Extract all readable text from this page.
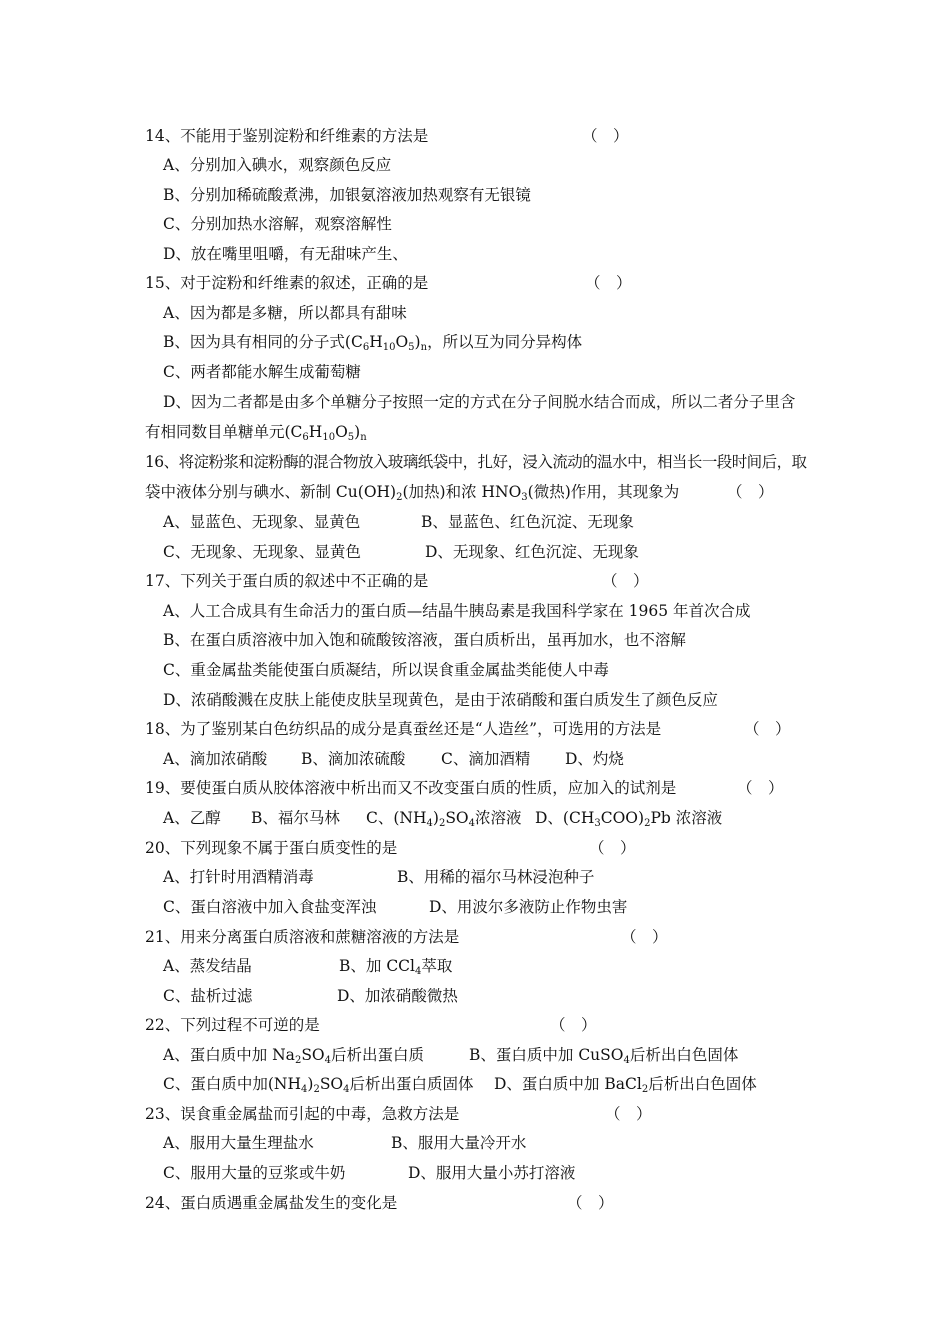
14、不能用于鉴别淀粉和纤维素的方法是	（　）
A、分别加入碘水，观察颜色反应
B、分别加稀硫酸煮沸，加银氨溶液加热观察有无银镜
C、分别加热水溶解，观察溶解性
D、放在嘴里咀嚼，有无甜味产生、
15、对于淀粉和纤维素的叙述，正确的是	（　）
A、因为都是多糖，所以都具有甜味
B、因为具有相同的分子式$(C_6H_{10}O_5)_n$，所以互为同分异构体
C、两者都能水解生成葡萄糖
D、因为二者都是由多个单糖分子按照一定的方式在分子间脱水结合而成，所以二者分子里含
有相同数目单糖单元$(C_6H_{10}O_5)_n$
16、将淀粉浆和淀粉酶的混合物放入玻璃纸袋中，扎好，浸入流动的温水中，相当长一段时间后，取
袋中液体分别与碘水、新制 $Cu(OH)_2$(加热)和浓 $HNO_3$(微热)作用，其现象为	（　）
A、显蓝色、无现象、显黄色	B、显蓝色、红色沉淀、无现象
C、无现象、无现象、显黄色	D、无现象、红色沉淀、无现象
17、下列关于蛋白质的叙述中不正确的是	（　）
A、人工合成具有生命活力的蛋白质—结晶牛胰岛素是我国科学家在 1965 年首次合成
B、在蛋白质溶液中加入饱和硫酸铵溶液，蛋白质析出，虽再加水，也不溶解
C、重金属盐类能使蛋白质凝结，所以误食重金属盐类能使人中毒
D、浓硝酸溅在皮肤上能使皮肤呈现黄色，是由于浓硝酸和蛋白质发生了颜色反应
18、为了鉴别某白色纺织品的成分是真蚕丝还是“人造丝”，可选用的方法是	（　）
A、滴加浓硝酸 B、滴加浓硫酸 C、滴加酒精 D、灼烧
19、要使蛋白质从胶体溶液中析出而又不改变蛋白质的性质，应加入的试剂是	（　）
A、乙醇 B、福尔马林 C、$(NH_4)_2SO_4$浓溶液 D、$(CH_3COO)_2Pb$ 浓溶液
20、下列现象不属于蛋白质变性的是	（　）
A、打针时用酒精消毒	B、用稀的福尔马林浸泡种子
C、蛋白溶液中加入食盐变浑浊	D、用波尔多液防止作物虫害
21、用来分离蛋白质溶液和蔗糖溶液的方法是	（　）
A、蒸发结晶	B、加 CCl$_4$萃取
C、盐析过滤	D、加浓硝酸微热
22、下列过程不可逆的是	（　）
A、蛋白质中加 $Na_2SO_4$后析出蛋白质	B、蛋白质中加 CuSO$_4$后析出白色固体
C、蛋白质中加$(NH_4)_2SO_4$后析出蛋白质固体 D、蛋白质中加 BaCl$_2$后析出白色固体
23、误食重金属盐而引起的中毒，急救方法是	（　）
A、服用大量生理盐水	B、服用大量冷开水
C、服用大量的豆浆或牛奶	D、服用大量小苏打溶液
24、蛋白质遇重金属盐发生的变化是	（　）
